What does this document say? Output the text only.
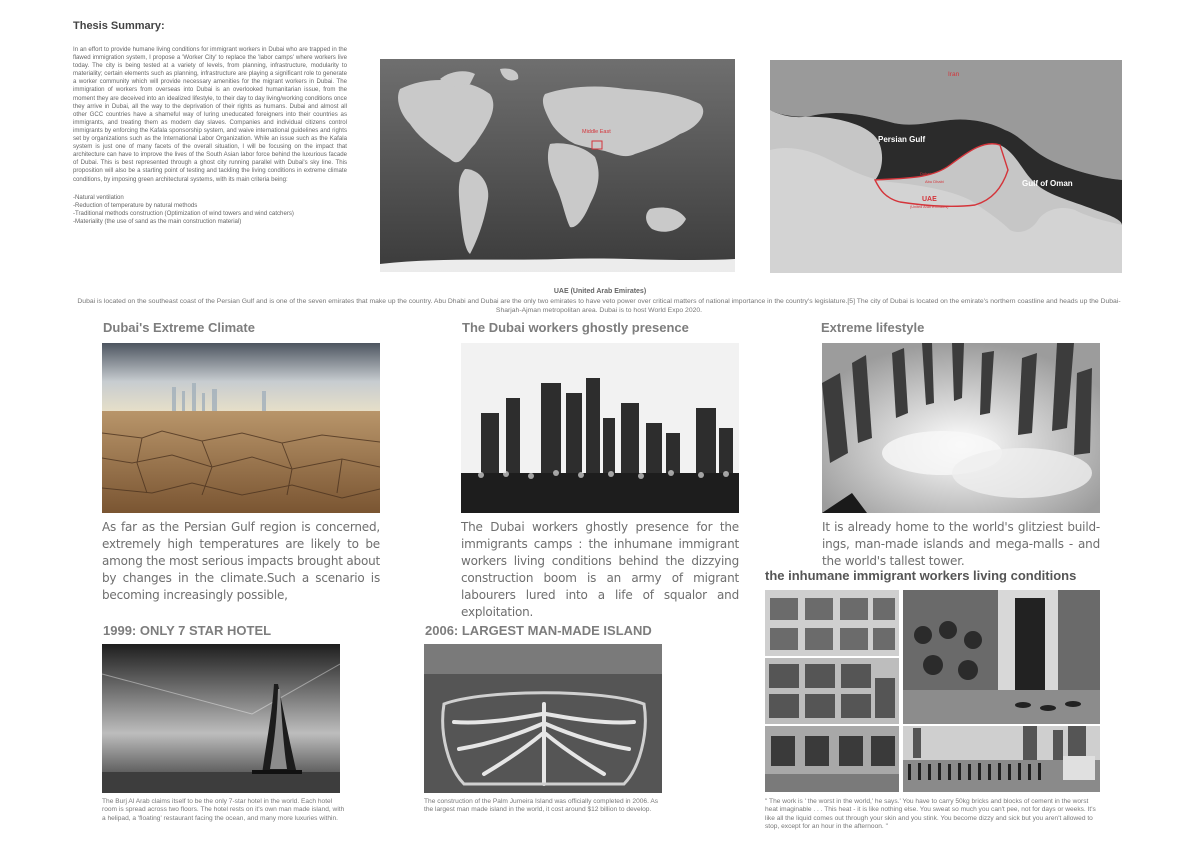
Thesis Summary:

In an effort to provide humane living conditions for immigrant workers in Dubai who are trapped in the flawed immigration system, I propose a 'Worker City' to replace the 'labor camps' where workers live today. The city is being tested at a variety of levels, from planning, infrastructure, modularity to materiality; certain elements such as planning, infrastructure are playing a significant role to generate a worker community which will provide necessary amenities for the migrant workers in Dubai. The immigration of workers from overseas into Dubai is an overlooked humanitarian issue, from the moment they are deceived into an idealized lifestyle, to their day to day living/working conditions once they arrive in Dubai, all the way to the deprivation of their rights as humans. Dubai and almost all other GCC countries have a shameful way of luring uneducated foreigners into their countries as immigrants, and treating them as modern day slaves. Companies and individual citizens control immigrants by enforcing the Kafala sponsorship system, and waive international guidelines and rights set by organizations such as the International Labor Organization. While an issue such as the Kafala system is just one of many facets of the overall situation, I will be focusing on the impact that architecture can have to improve the lives of the South Asian labor force behind the luxurious facade of Dubai. This is best represented through a ghost city running parallel with Dubai's sky line. This proposition will also be a starting point of testing and tackling the living conditions in extreme climate conditions, by imposing green architectural systems, with its main criteria being:

-Natural ventilation
-Reduction of temperature by natural methods
-Traditional methods construction (Optimization of wind towers and wind catchers)
-Materiality (the use of sand as the main construction material)
Middle East
Iran
Persian Gulf
Gulf of Oman
UAE
(United Arab Emirates)
Dubai
Abu Dhabi
UAE (United Arab Emirates)
Dubai is located on the southeast coast of the Persian Gulf and is one of the seven emirates that make up the country. Abu Dhabi and Dubai are the only two emirates to have veto power over critical matters of national importance in the country's legislature.[5] The city of Dubai is located on the emirate's northern coastline and heads up the Dubai-Sharjah-Ajman metropolitan area. Dubai is to host World Expo 2020.
Dubai's Extreme Climate
As far as the Persian Gulf region is concerned, extremely high temperatures are likely to be among the most serious impacts brought about by changes in the climate.Such a scenario is becoming increasingly possible,
The Dubai workers ghostly presence
The Dubai workers ghostly presence for the immigrants camps : the inhumane immigrant workers living conditions behind the dizzying construction boom is an army of migrant labourers lured into a life of squalor and exploitation.
Extreme lifestyle
It is already home to the world's glitziest build-ings, man-made islands and mega-malls - and the world's tallest tower.
1999: ONLY 7 STAR HOTEL
The Burj Al Arab claims itself to be the only 7-star hotel in the world. Each hotel room is spread across two floors. The hotel rests on it's own man made island, with a helipad, a 'floating' restaurant facing the ocean, and many more luxuries within.
2006: LARGEST MAN-MADE ISLAND
The construction of the Palm Jumeira Island was officially completed in 2006. As the largest man made island in the world, it cost around $12 billion to develop.
the inhumane immigrant workers living conditions
" The work is ' the worst in the world,' he says.' You have to carry 50kg bricks and blocks of cement in the worst heat imaginable . . . This heat - it is like nothing else. You sweat so much you can't pee, not for days or weeks. It's like all the liquid comes out through your skin and you stink. You become dizzy and sick but you aren't allowed to stop, except for an hour in the afternoon. "
